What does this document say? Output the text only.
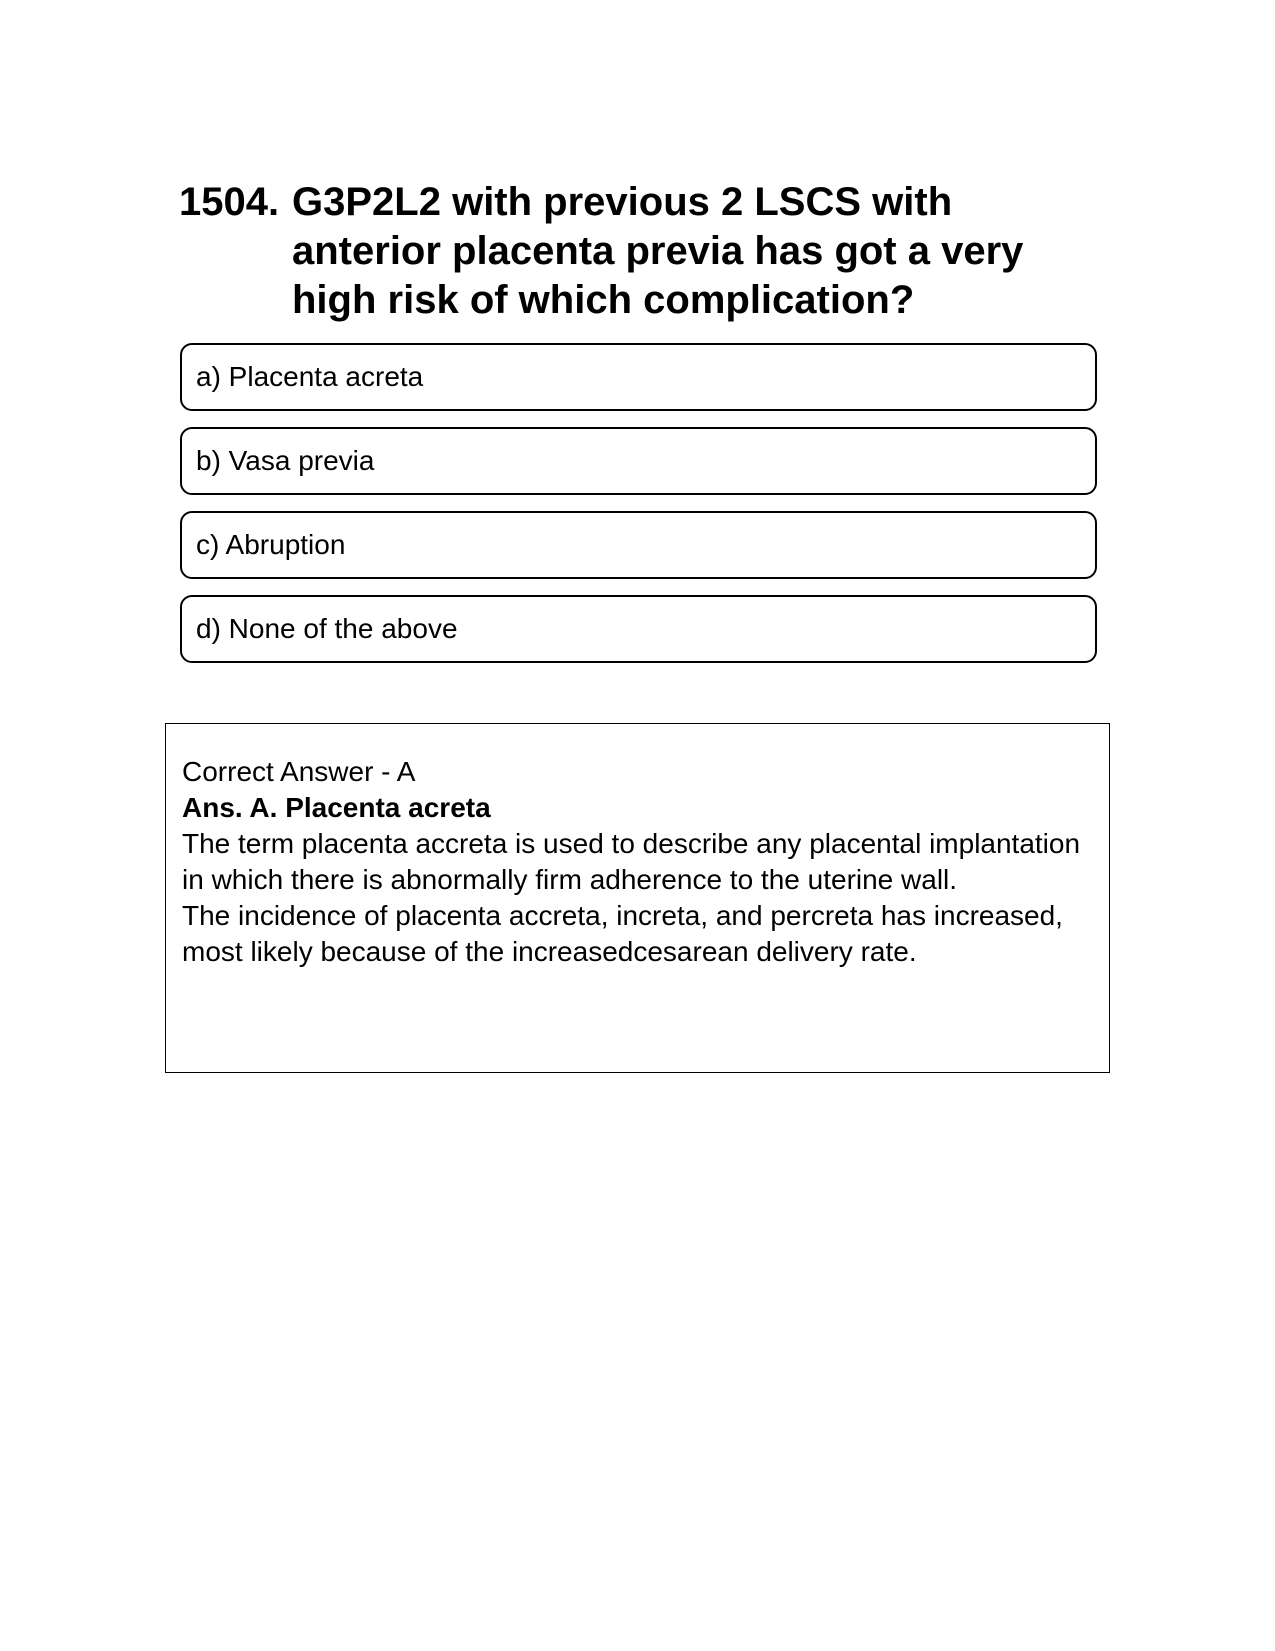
1504. G3P2L2 with previous 2 LSCS with anterior placenta previa has got a very high risk of which complication?
a) Placenta acreta
b) Vasa previa
c) Abruption
d) None of the above
Correct Answer - A
Ans. A. Placenta acreta
The term placenta accreta is used to describe any placental implantation in which there is abnormally firm adherence to the uterine wall.
The incidence of placenta accreta, increta, and percreta has increased, most likely because of the increasedcesarean delivery rate.
